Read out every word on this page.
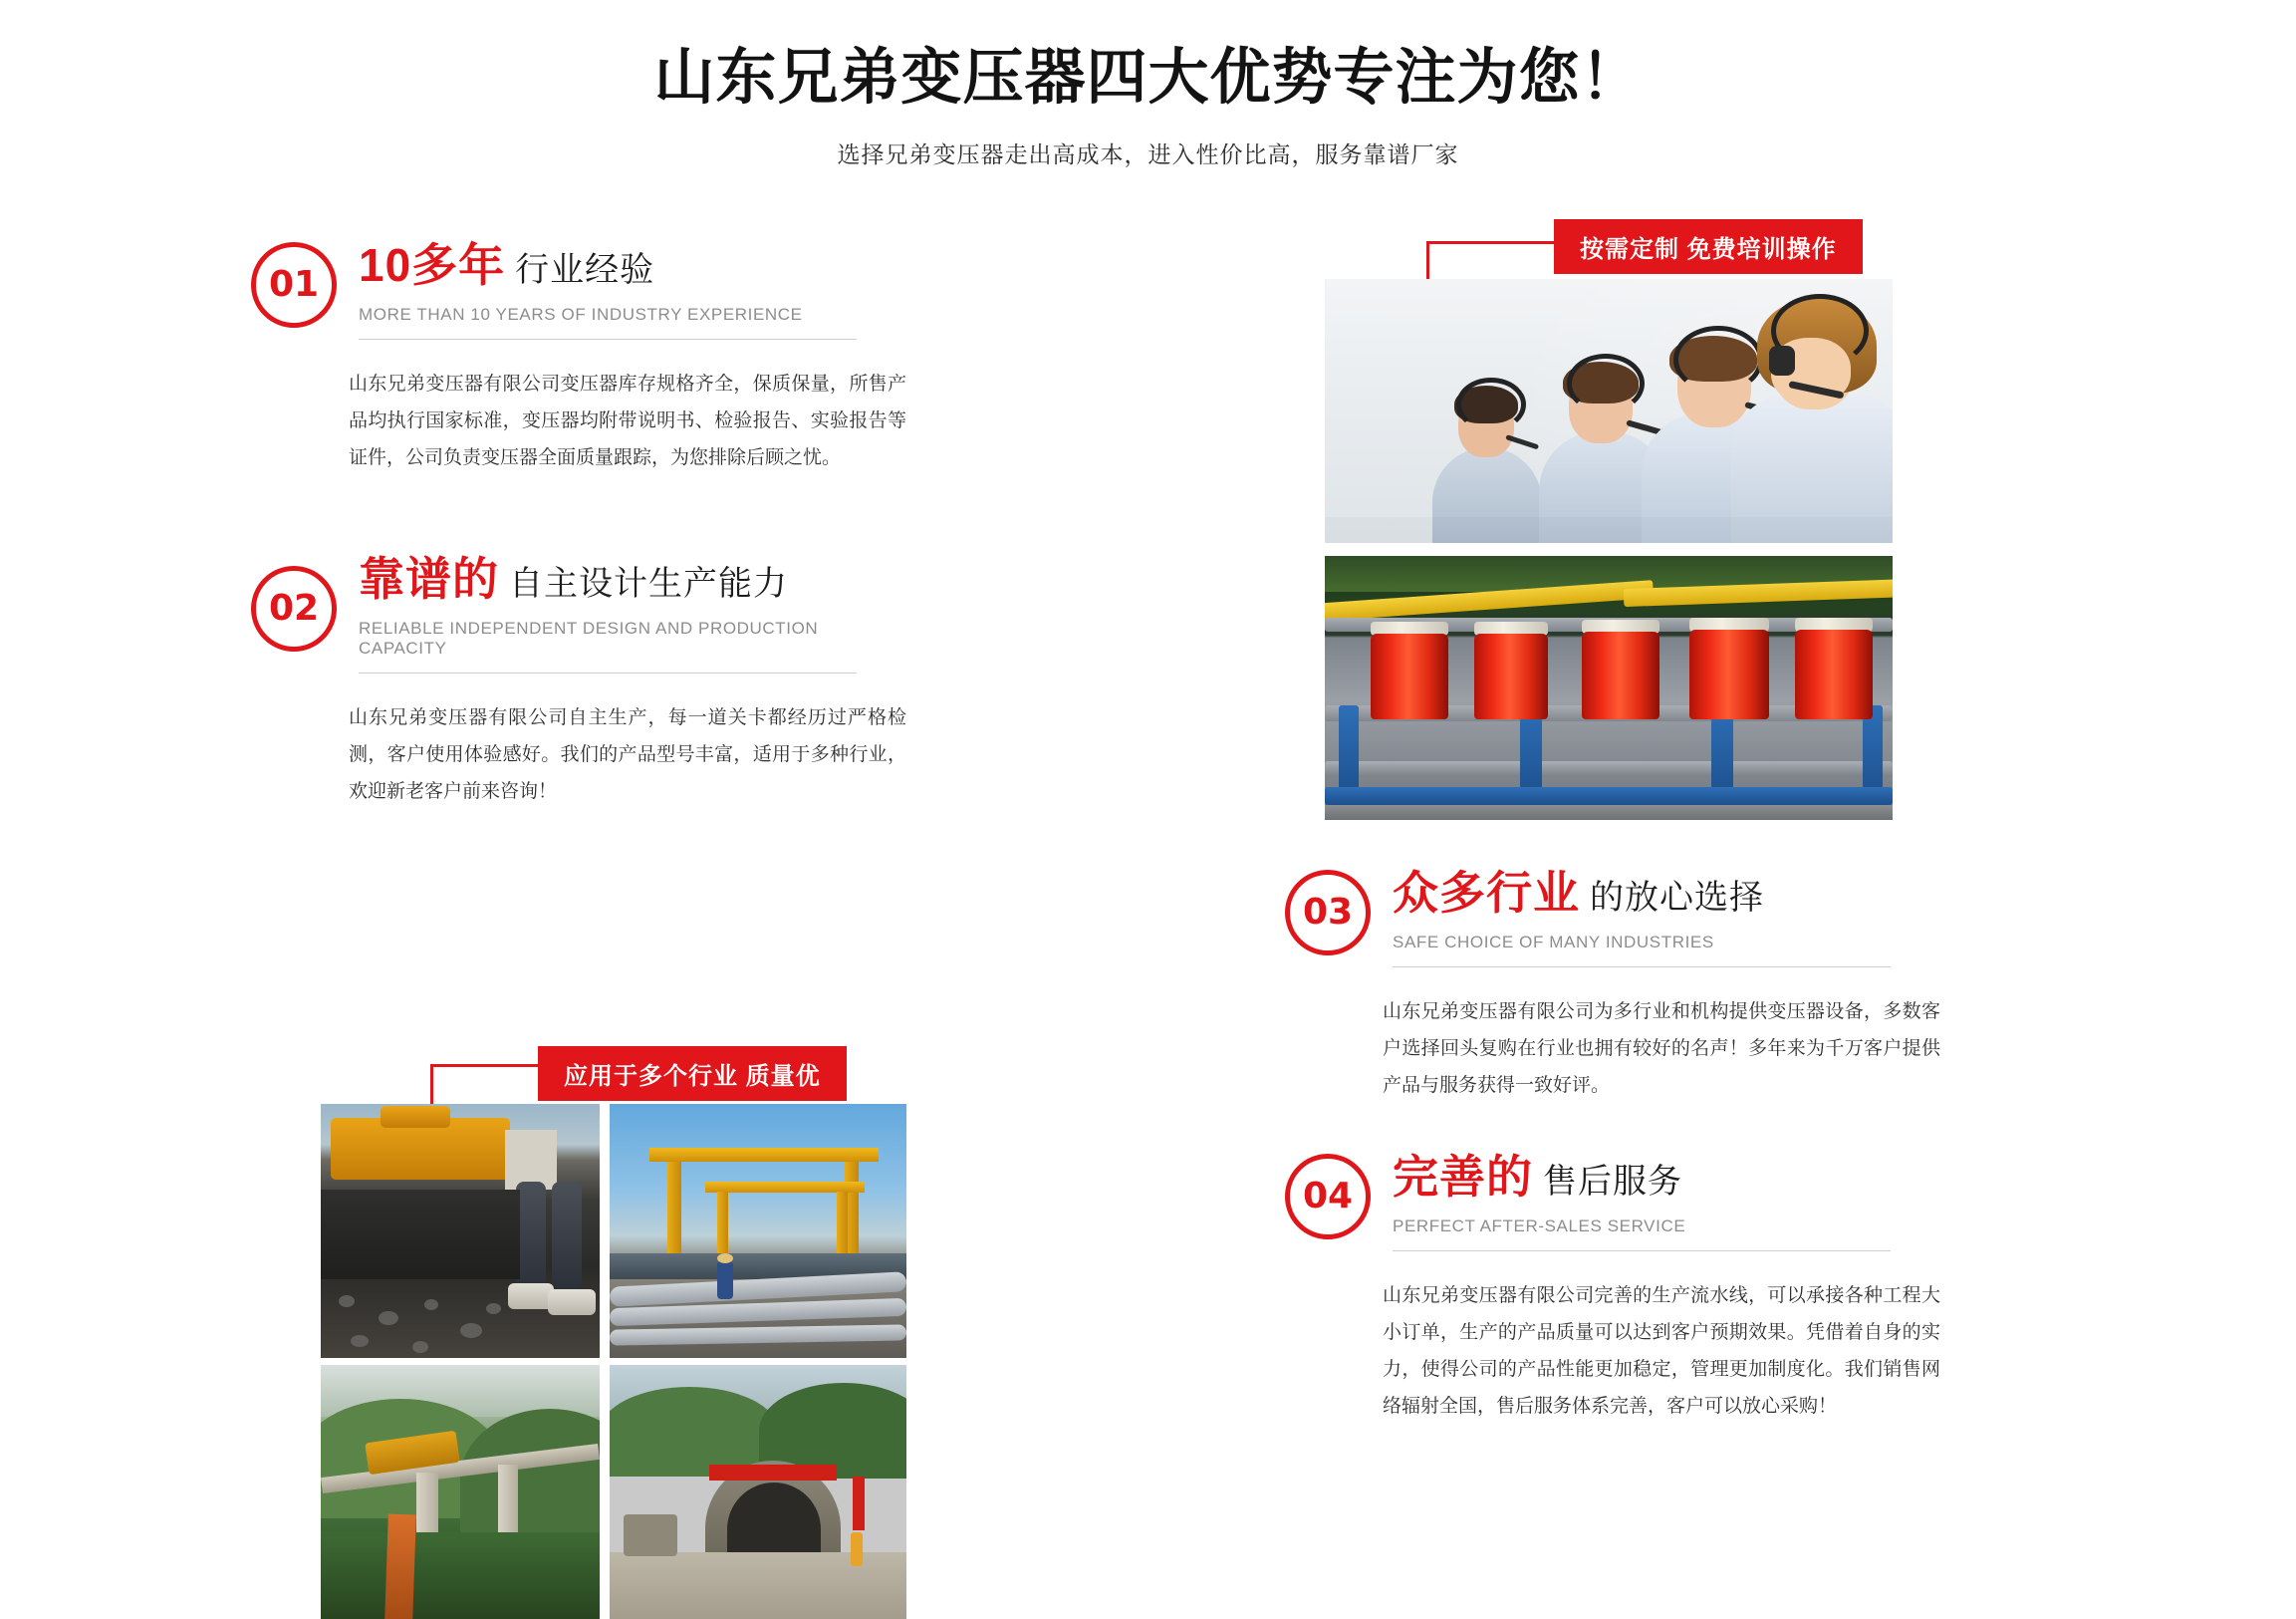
山东兄弟变压器四大优势专注为您！
选择兄弟变压器走出高成本，进入性价比高，服务靠谱厂家
01 10多年 行业经验
MORE THAN 10 YEARS OF INDUSTRY EXPERIENCE
山东兄弟变压器有限公司变压器库存规格齐全，保质保量，所售产品均执行国家标准，变压器均附带说明书、检验报告、实验报告等证件，公司负责变压器全面质量跟踪，为您排除后顾之忧。
02
靠谱的 自主设计生产能力
RELIABLE INDEPENDENT DESIGN AND PRODUCTION CAPACITY
山东兄弟变压器有限公司自主生产，每一道关卡都经历过严格检测，客户使用体验感好。我们的产品型号丰富，适用于多种行业，欢迎新老客户前来咨询！
03 众多行业 的放心选择
SAFE CHOICE OF MANY INDUSTRIES
山东兄弟变压器有限公司为多行业和机构提供变压器设备，多数客户选择回头复购在行业也拥有较好的名声！多年来为千万客户提供产品与服务获得一致好评。
04 完善的 售后服务
PERFECT AFTER-SALES SERVICE
山东兄弟变压器有限公司完善的生产流水线，可以承接各种工程大小订单，生产的产品质量可以达到客户预期效果。凭借着自身的实力，使得公司的产品性能更加稳定，管理更加制度化。我们销售网络辐射全国，售后服务体系完善，客户可以放心采购！
按需定制 免费培训操作
应用于多个行业 质量优
